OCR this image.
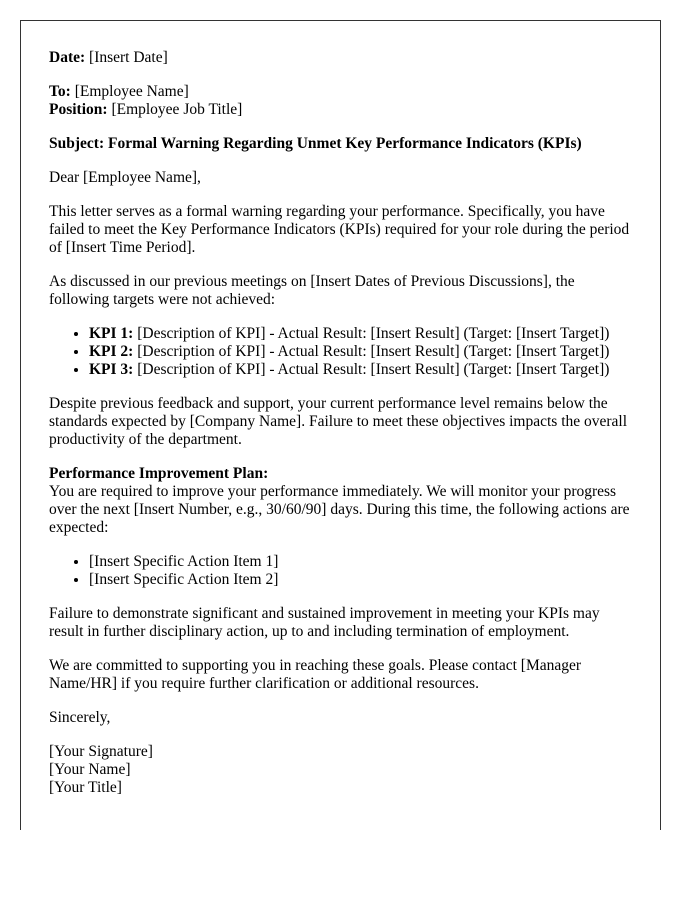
Date: [Insert Date]

To: [Employee Name]
Position: [Employee Job Title]

Subject: Formal Warning Regarding Unmet Key Performance Indicators (KPIs)

Dear [Employee Name],

This letter serves as a formal warning regarding your performance. Specifically, you have failed to meet the Key Performance Indicators (KPIs) required for your role during the period of [Insert Time Period].

As discussed in our previous meetings on [Insert Dates of Previous Discussions], the following targets were not achieved:

• KPI 1: [Description of KPI] - Actual Result: [Insert Result] (Target: [Insert Target])
• KPI 2: [Description of KPI] - Actual Result: [Insert Result] (Target: [Insert Target])
• KPI 3: [Description of KPI] - Actual Result: [Insert Result] (Target: [Insert Target])

Despite previous feedback and support, your current performance level remains below the standards expected by [Company Name]. Failure to meet these objectives impacts the overall productivity of the department.

Performance Improvement Plan:
You are required to improve your performance immediately. We will monitor your progress over the next [Insert Number, e.g., 30/60/90] days. During this time, the following actions are expected:

• [Insert Specific Action Item 1]
• [Insert Specific Action Item 2]

Failure to demonstrate significant and sustained improvement in meeting your KPIs may result in further disciplinary action, up to and including termination of employment.

We are committed to supporting you in reaching these goals. Please contact [Manager Name/HR] if you require further clarification or additional resources.

Sincerely,

[Your Signature]
[Your Name]
[Your Title]
